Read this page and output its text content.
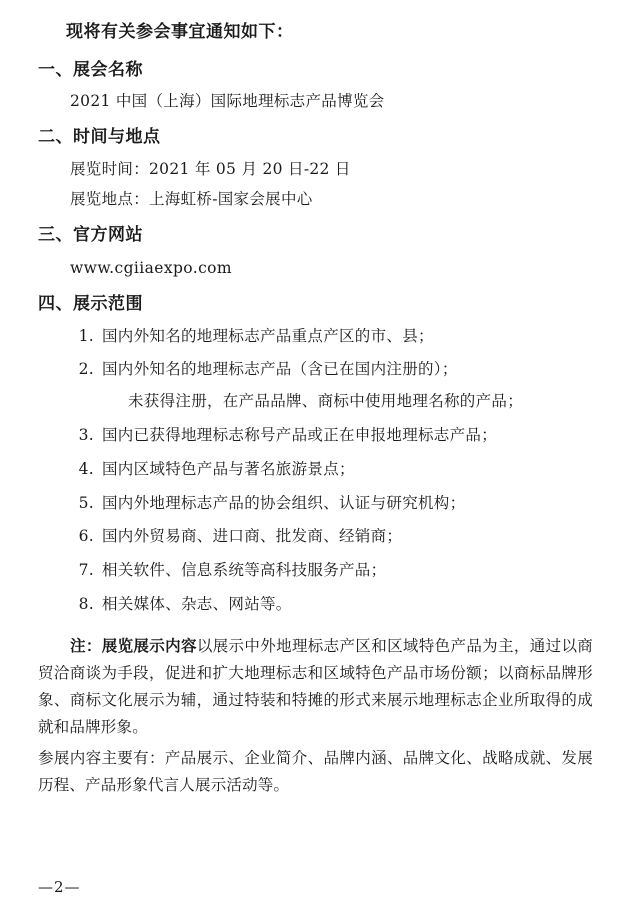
现将有关参会事宜通知如下：
一、展会名称
2021 中国（上海）国际地理标志产品博览会
二、时间与地点
展览时间：2021 年 05 月 20 日-22 日
展览地点：上海虹桥-国家会展中心
三、官方网站
www.cgiiaexpo.com
四、展示范围
1. 国内外知名的地理标志产品重点产区的市、县；
2. 国内外知名的地理标志产品（含已在国内注册的）；
未获得注册，在产品品牌、商标中使用地理名称的产品；
3. 国内已获得地理标志称号产品或正在申报地理标志产品；
4. 国内区域特色产品与著名旅游景点；
5. 国内外地理标志产品的协会组织、认证与研究机构；
6. 国内外贸易商、进口商、批发商、经销商；
7. 相关软件、信息系统等高科技服务产品；
8. 相关媒体、杂志、网站等。

注：展览展示内容以展示中外地理标志产区和区域特色产品为主，通过以商贸洽商谈为手段，促进和扩大地理标志和区域特色产品市场份额；以商标品牌形象、商标文化展示为辅，通过特装和特摊的形式来展示地理标志企业所取得的成就和品牌形象。

参展内容主要有：产品展示、企业简介、品牌内涵、品牌文化、战略成就、发展历程、产品形象代言人展示活动等。

—2—
